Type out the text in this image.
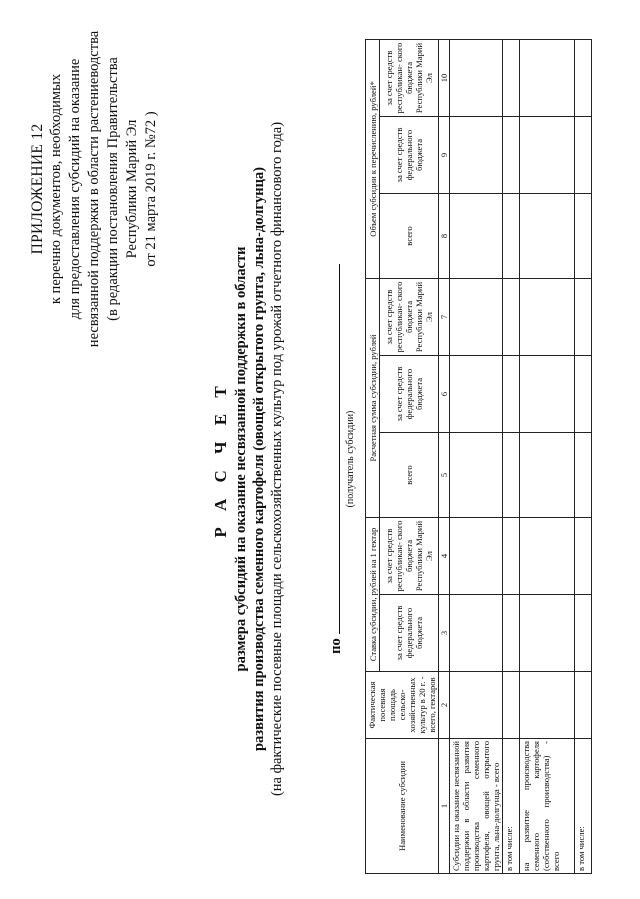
ПРИЛОЖЕНИЕ 12 к перечню документов, необходимых для предоставления субсидий на оказание несвязанной поддержки в области растениеводства (в редакции постановления Правительства Республики Марий Эл от 21 марта 2019 г. №72 )
Р А С Ч Е Т размера субсидий на оказание несвязанной поддержки в области развития производства семенного картофеля (овощей открытого грунта, льна-долгунца) (на фактические посевные площади сельскохозяйственных культур под урожай отчетного финансового года)	по
(получатель субсидии)
Наименование субсидии	Фактическая посевная площадь сельско- хозяйственных культур в 20 г. - всего, гектаров	Ставка субсидии, рублей на 1 гектар		Расчетная сумма субсидии, рублей			Объем субсидии к перечислению, рублей*		
		за счет средств федерального бюджета	за счет средств республикан- ского бюджета Республики Марий Эл	всего	за счет средств федерального бюджета	за счет средств республикан- ского бюджета Республики Марий Эл	всего	за счет средств федерального бюджета	за счет средств республикан- ского бюджета Республики Марий Эл
1	2	3	4	5	6	7	8	9	10
Субсидии на оказание несвязанной поддержки в области развития производства семенного картофеля, овощей открытого грунта, льна-долгунца - всего									
в том числе:									
на развитие производства семенного картофеля (собственного производства) - всего									
в том числе:									
